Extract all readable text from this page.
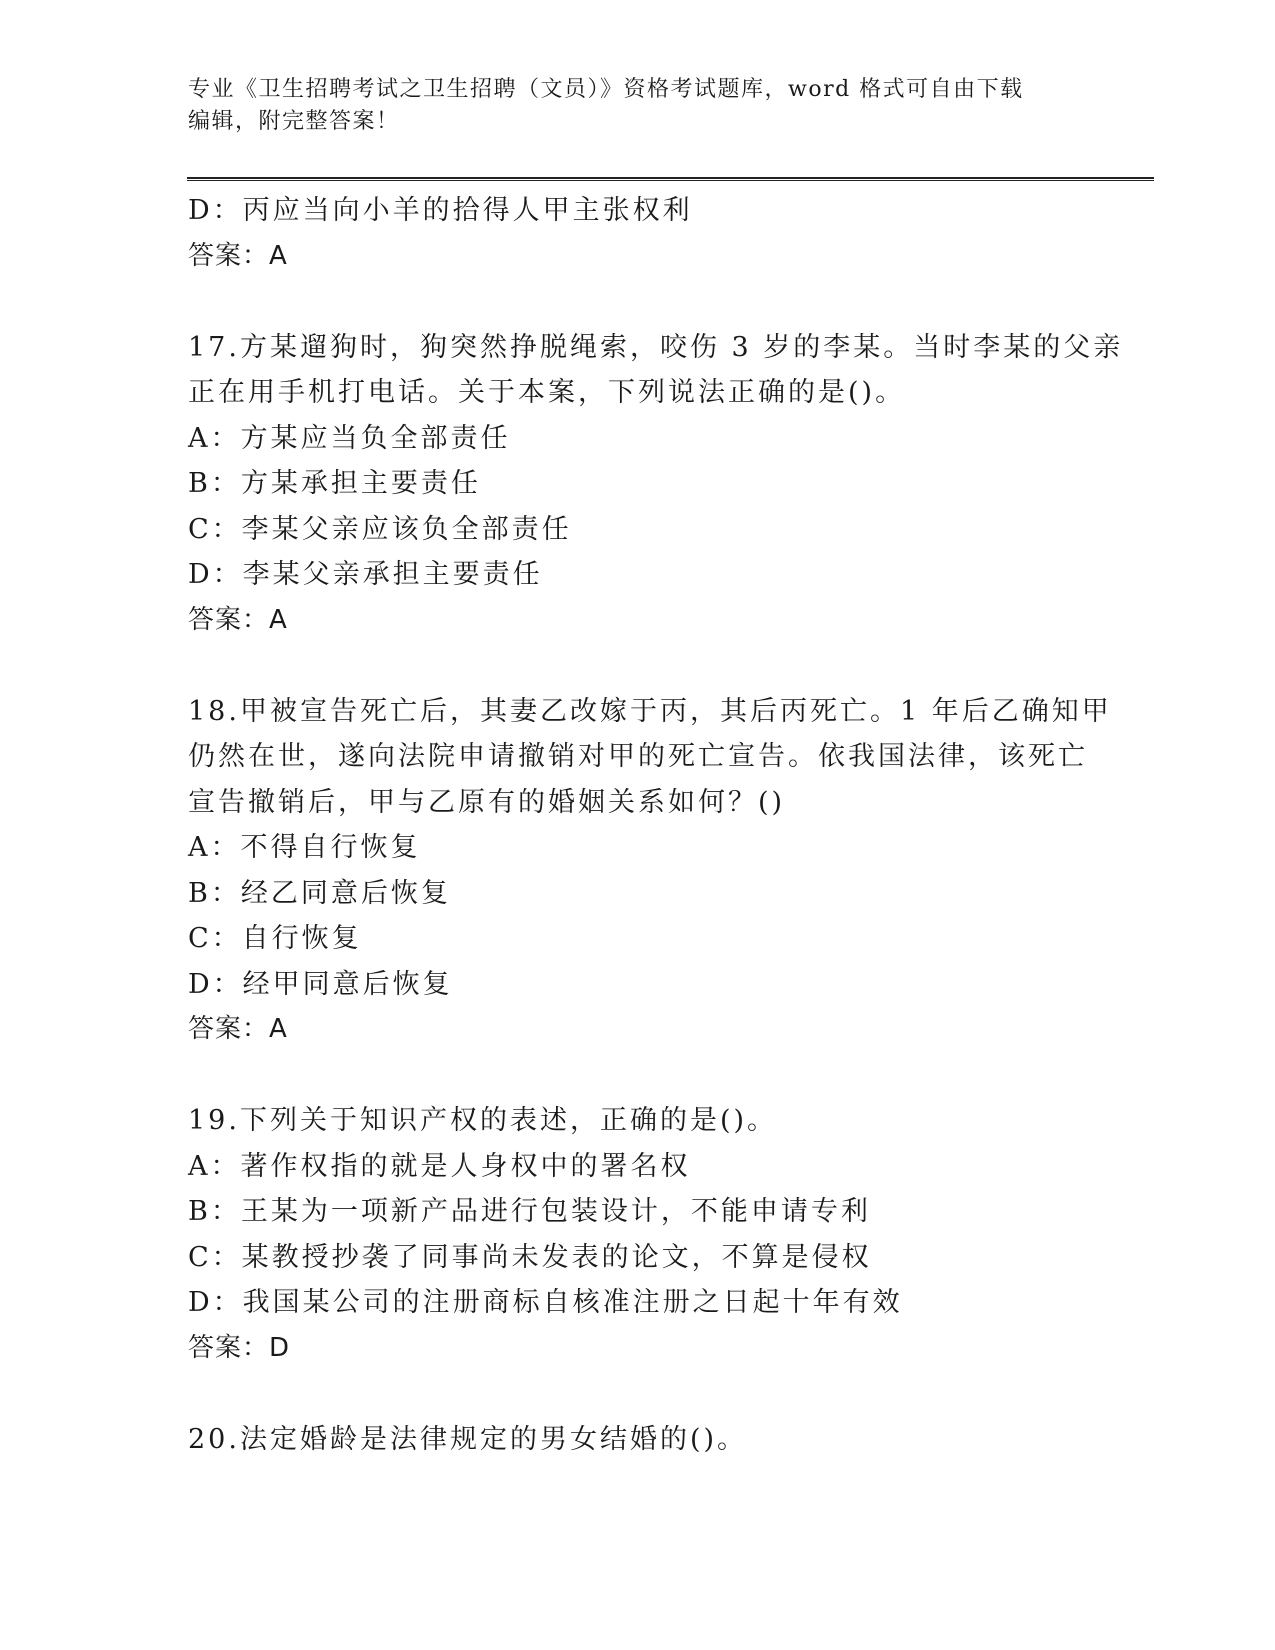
专业《卫生招聘考试之卫生招聘（文员）》资格考试题库，word 格式可自由下载
编辑，附完整答案！
D：丙应当向小羊的拾得人甲主张权利
答案：A
17.方某遛狗时，狗突然挣脱绳索，咬伤 3 岁的李某。当时李某的父亲
正在用手机打电话。关于本案，下列说法正确的是()。
A：方某应当负全部责任
B：方某承担主要责任
C：李某父亲应该负全部责任
D：李某父亲承担主要责任
答案：A
18.甲被宣告死亡后，其妻乙改嫁于丙，其后丙死亡。1 年后乙确知甲
仍然在世，遂向法院申请撤销对甲的死亡宣告。依我国法律，该死亡
宣告撤销后，甲与乙原有的婚姻关系如何？()
A：不得自行恢复
B：经乙同意后恢复
C：自行恢复
D：经甲同意后恢复
答案：A
19.下列关于知识产权的表述，正确的是()。
A：著作权指的就是人身权中的署名权
B：王某为一项新产品进行包装设计，不能申请专利
C：某教授抄袭了同事尚未发表的论文，不算是侵权
D：我国某公司的注册商标自核准注册之日起十年有效
答案：D
20.法定婚龄是法律规定的男女结婚的()。
